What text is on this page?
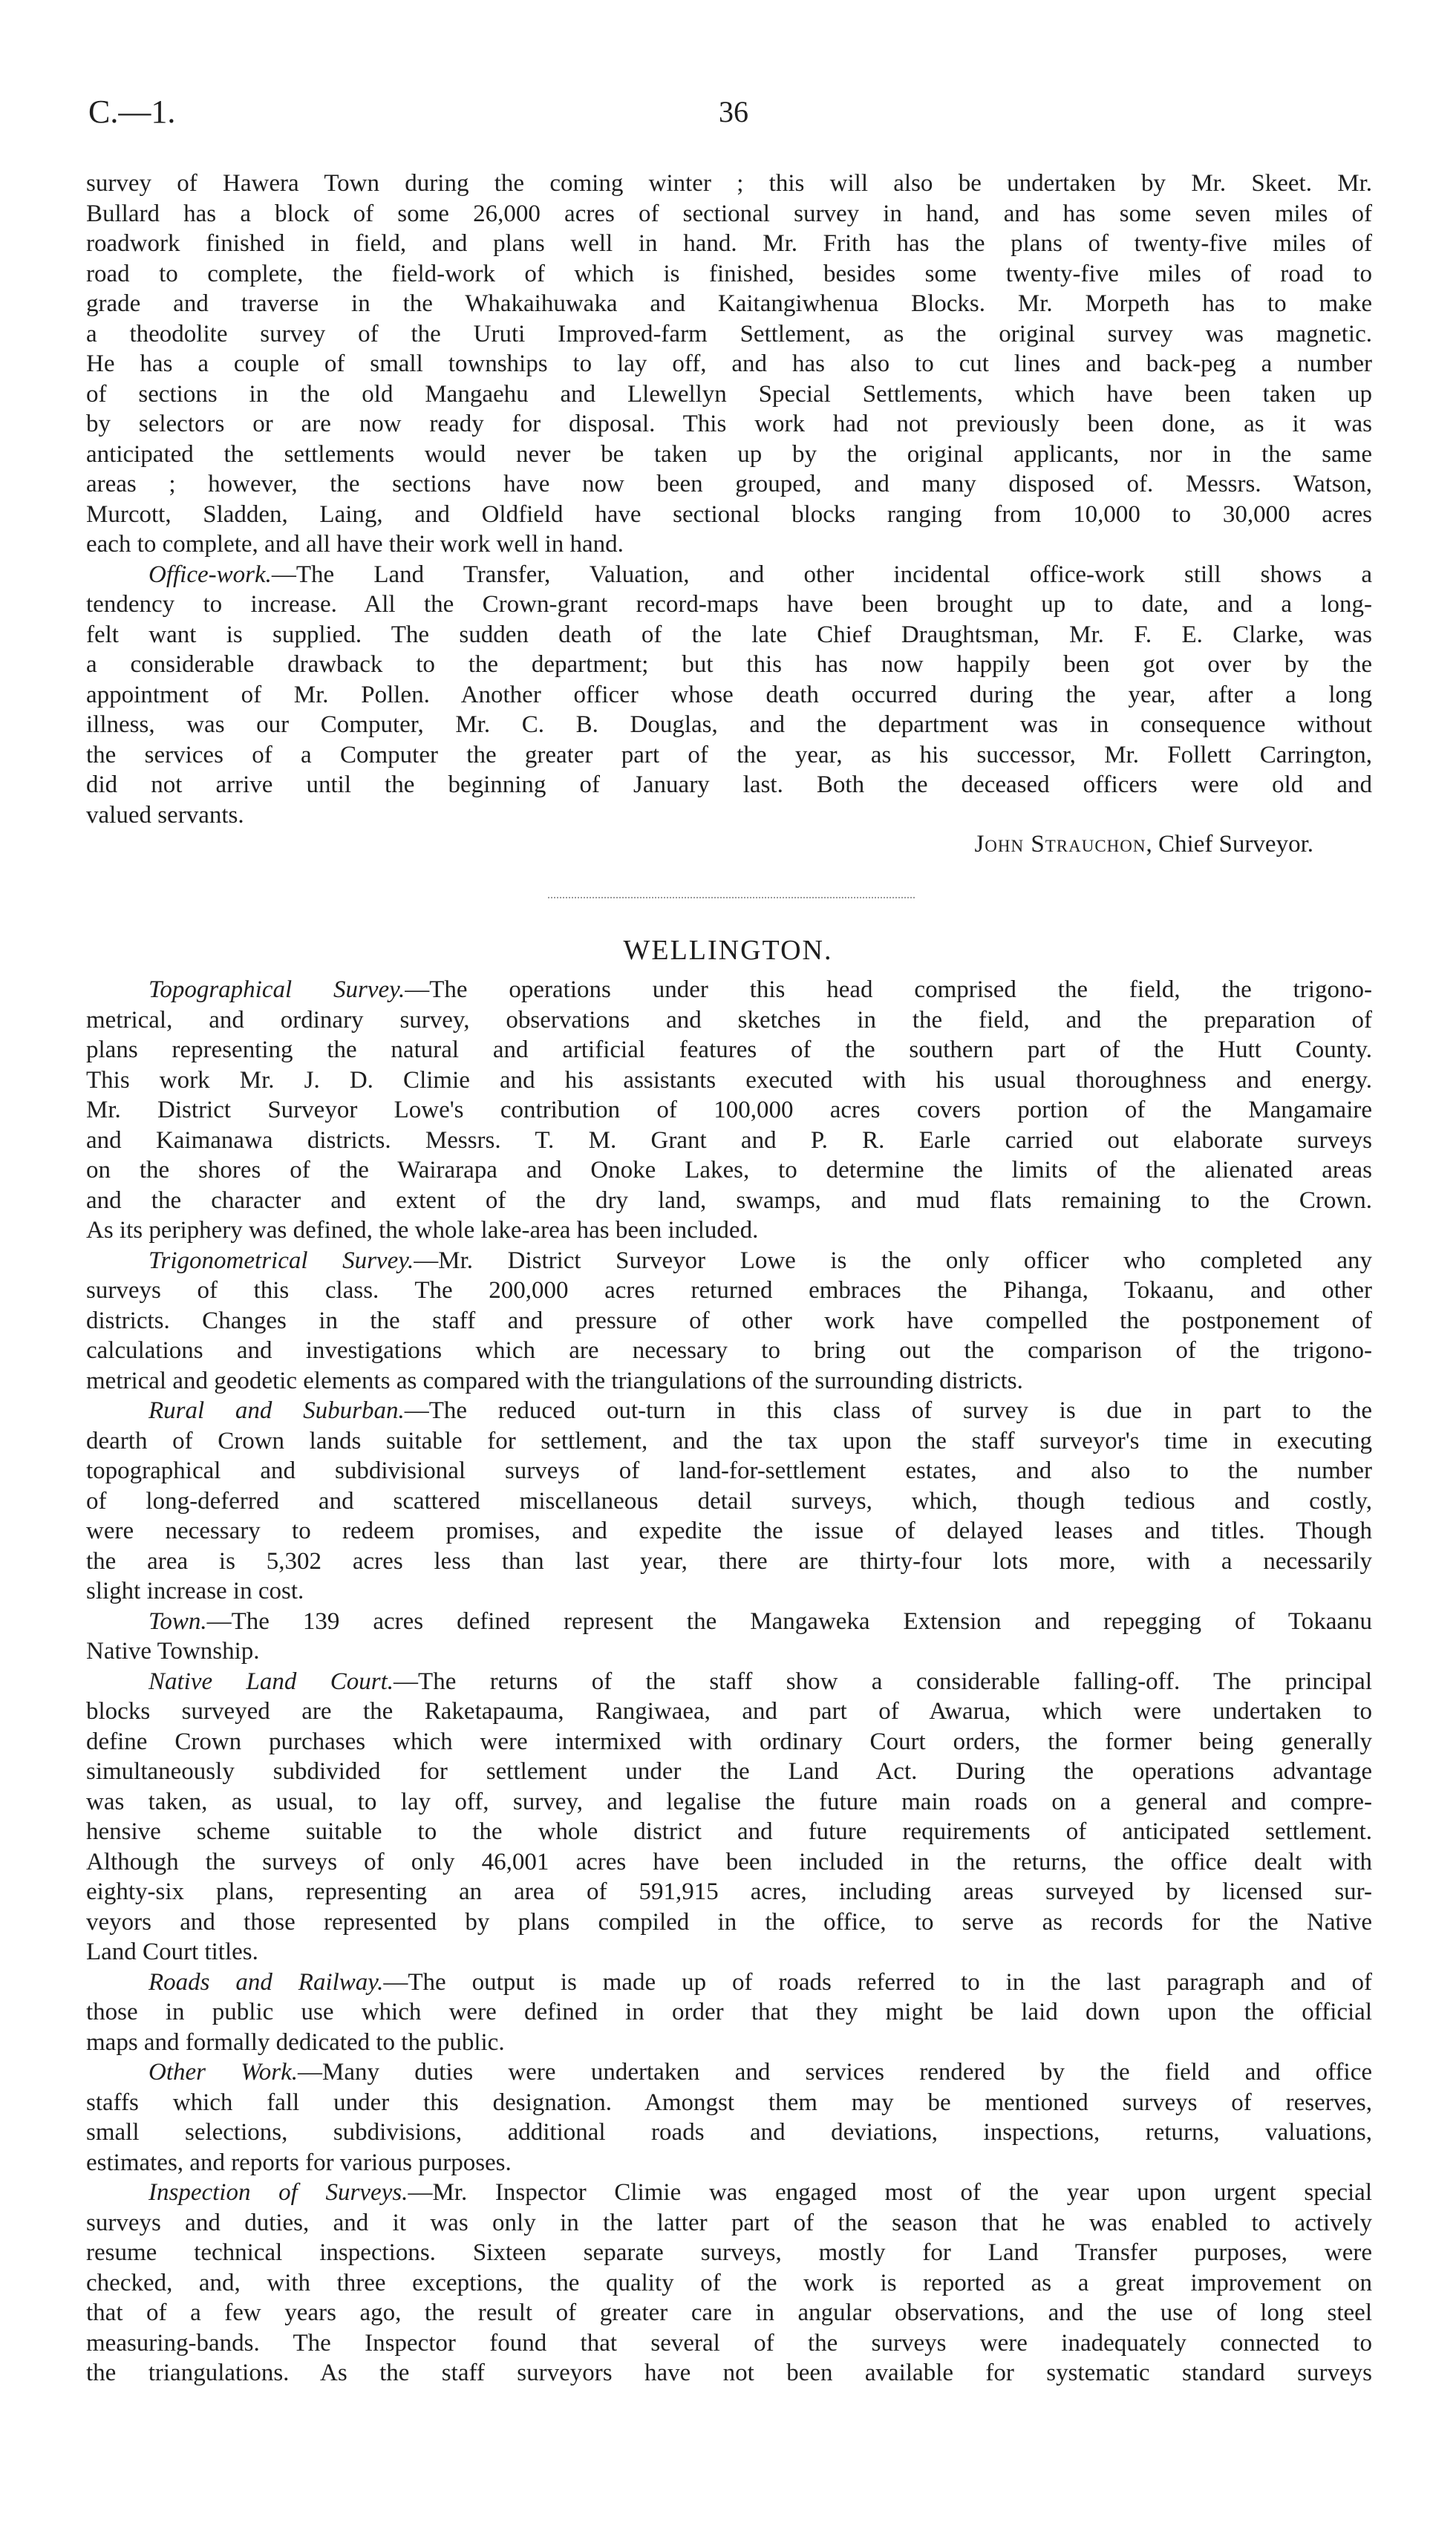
C.—1.	36
survey of Hawera Town during the coming winter ; this will also be undertaken by Mr. Skeet. Mr.
Bullard has a block of some 26,000 acres of sectional survey in hand, and has some seven miles of
roadwork finished in field, and plans well in hand. Mr. Frith has the plans of twenty-five miles of
road to complete, the field-work of which is finished, besides some twenty-five miles of road to
grade and traverse in the Whakaihuwaka and Kaitangiwhenua Blocks. Mr. Morpeth has to make
a theodolite survey of the Uruti Improved-farm Settlement, as the original survey was magnetic.
He has a couple of small townships to lay off, and has also to cut lines and back-peg a number
of sections in the old Mangaehu and Llewellyn Special Settlements, which have been taken up
by selectors or are now ready for disposal. This work had not previously been done, as it was
anticipated the settlements would never be taken up by the original applicants, nor in the same
areas ; however, the sections have now been grouped, and many disposed of. Messrs. Watson,
Murcott, Sladden, Laing, and Oldfield have sectional blocks ranging from 10,000 to 30,000 acres
each to complete, and all have their work well in hand.
Office-work.—The Land Transfer, Valuation, and other incidental office-work still shows a
tendency to increase. All the Crown-grant record-maps have been brought up to date, and a long-
felt want is supplied. The sudden death of the late Chief Draughtsman, Mr. F. E. Clarke, was
a considerable drawback to the department; but this has now happily been got over by the
appointment of Mr. Pollen. Another officer whose death occurred during the year, after a long
illness, was our Computer, Mr. C. B. Douglas, and the department was in consequence without
the services of a Computer the greater part of the year, as his successor, Mr. Follett Carrington,
did not arrive until the beginning of January last. Both the deceased officers were old and
valued servants.
John Strauchon, Chief Surveyor.
WELLINGTON.
Topographical Survey.—The operations under this head comprised the field, the trigono-
metrical, and ordinary survey, observations and sketches in the field, and the preparation of
plans representing the natural and artificial features of the southern part of the Hutt County.
This work Mr. J. D. Climie and his assistants executed with his usual thoroughness and energy.
Mr. District Surveyor Lowe's contribution of 100,000 acres covers portion of the Mangamaire
and Kaimanawa districts. Messrs. T. M. Grant and P. R. Earle carried out elaborate surveys
on the shores of the Wairarapa and Onoke Lakes, to determine the limits of the alienated areas
and the character and extent of the dry land, swamps, and mud flats remaining to the Crown.
As its periphery was defined, the whole lake-area has been included.
Trigonometrical Survey.—Mr. District Surveyor Lowe is the only officer who completed any
surveys of this class. The 200,000 acres returned embraces the Pihanga, Tokaanu, and other
districts. Changes in the staff and pressure of other work have compelled the postponement of
calculations and investigations which are necessary to bring out the comparison of the trigono-
metrical and geodetic elements as compared with the triangulations of the surrounding districts.
Rural and Suburban.—The reduced out-turn in this class of survey is due in part to the
dearth of Crown lands suitable for settlement, and the tax upon the staff surveyor's time in executing
topographical and subdivisional surveys of land-for-settlement estates, and also to the number
of long-deferred and scattered miscellaneous detail surveys, which, though tedious and costly,
were necessary to redeem promises, and expedite the issue of delayed leases and titles. Though
the area is 5,302 acres less than last year, there are thirty-four lots more, with a necessarily
slight increase in cost.
Town.—The 139 acres defined represent the Mangaweka Extension and repegging of Tokaanu
Native Township.
Native Land Court.—The returns of the staff show a considerable falling-off. The principal
blocks surveyed are the Raketapauma, Rangiwaea, and part of Awarua, which were undertaken to
define Crown purchases which were intermixed with ordinary Court orders, the former being generally
simultaneously subdivided for settlement under the Land Act. During the operations advantage
was taken, as usual, to lay off, survey, and legalise the future main roads on a general and compre-
hensive scheme suitable to the whole district and future requirements of anticipated settlement.
Although the surveys of only 46,001 acres have been included in the returns, the office dealt with
eighty-six plans, representing an area of 591,915 acres, including areas surveyed by licensed sur-
veyors and those represented by plans compiled in the office, to serve as records for the Native
Land Court titles.
Roads and Railway.—The output is made up of roads referred to in the last paragraph and of
those in public use which were defined in order that they might be laid down upon the official
maps and formally dedicated to the public.
Other Work.—Many duties were undertaken and services rendered by the field and office
staffs which fall under this designation. Amongst them may be mentioned surveys of reserves,
small selections, subdivisions, additional roads and deviations, inspections, returns, valuations,
estimates, and reports for various purposes.
Inspection of Surveys.—Mr. Inspector Climie was engaged most of the year upon urgent special
surveys and duties, and it was only in the latter part of the season that he was enabled to actively
resume technical inspections. Sixteen separate surveys, mostly for Land Transfer purposes, were
checked, and, with three exceptions, the quality of the work is reported as a great improvement on
that of a few years ago, the result of greater care in angular observations, and the use of long steel
measuring-bands. The Inspector found that several of the surveys were inadequately connected to
the triangulations. As the staff surveyors have not been available for systematic standard surveys
